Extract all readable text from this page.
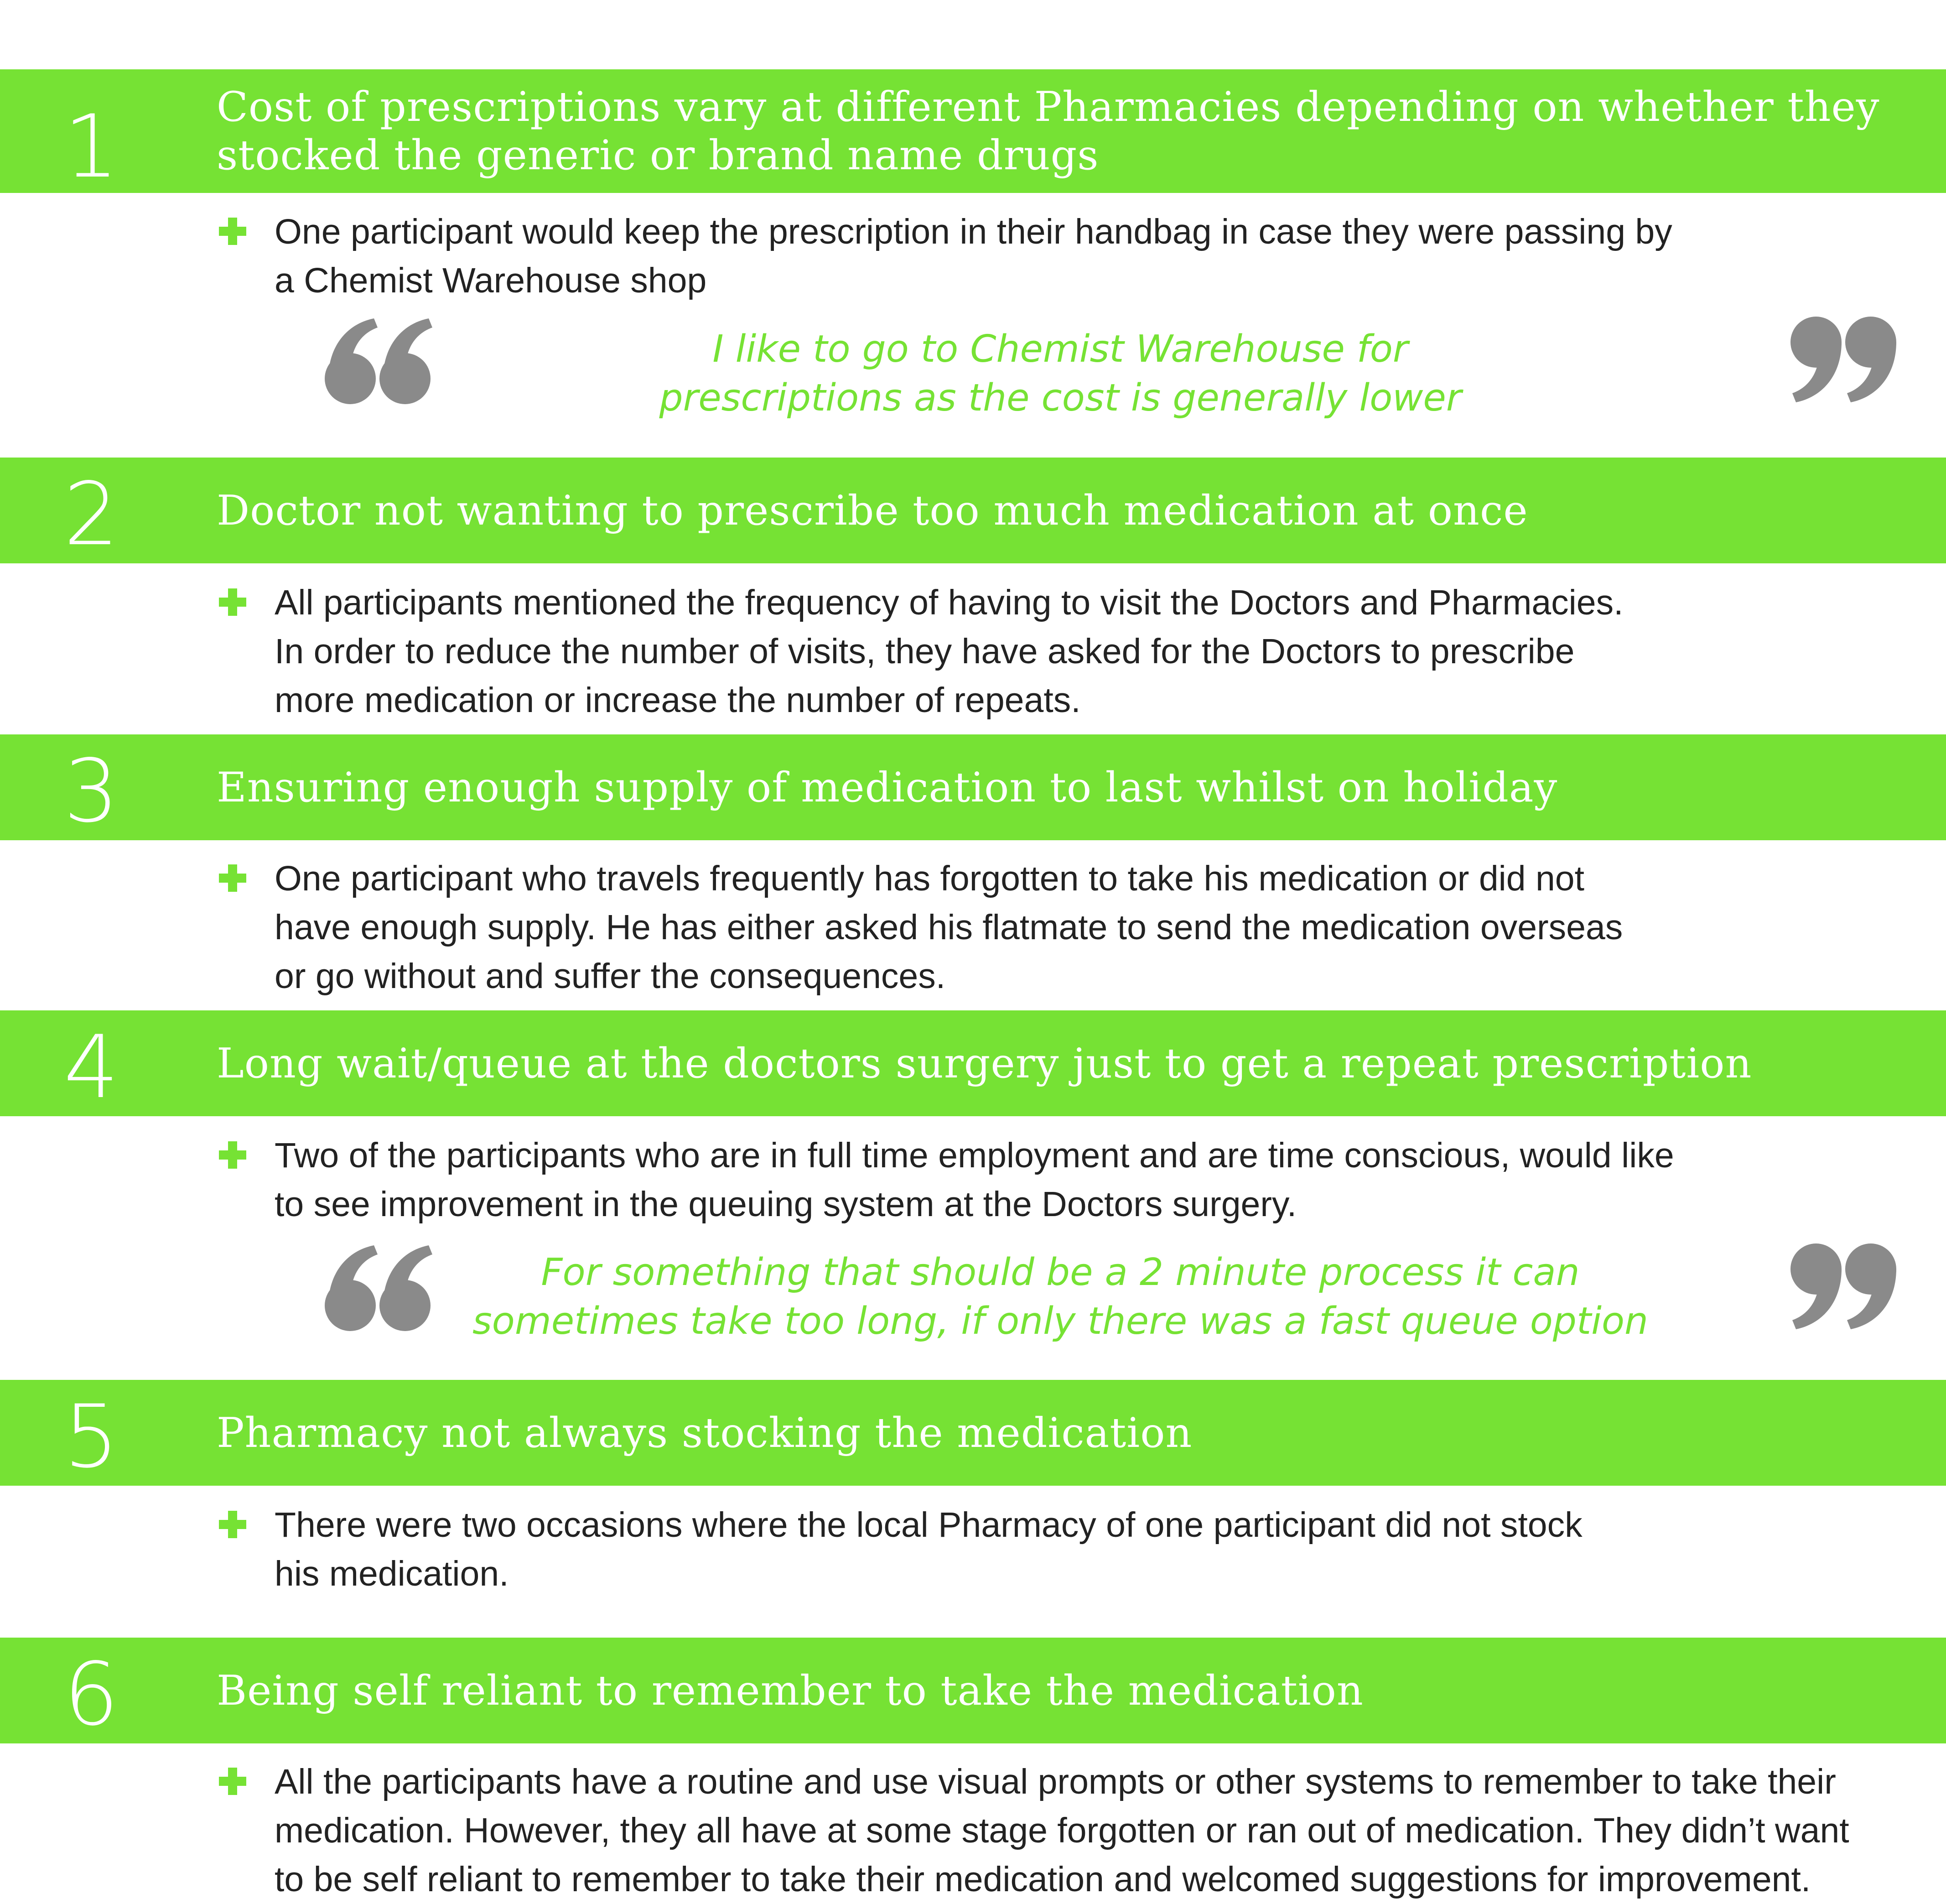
1	Cost of prescriptions vary at different Pharmacies depending on whether they stocked the generic or brand name drugs
One participant would keep the prescription in their handbag in case they were passing by
a Chemist Warehouse shop
I like to go to Chemist Warehouse for
prescriptions as the cost is generally lower
2	Doctor not wanting to prescribe too much medication at once
All participants mentioned the frequency of having to visit the Doctors and Pharmacies.
In order to reduce the number of visits, they have asked for the Doctors to prescribe
more medication or increase the number of repeats.
3	Ensuring enough supply of medication to last whilst on holiday
One participant who travels frequently has forgotten to take his medication or did not
have enough supply. He has either asked his flatmate to send the medication overseas
or go without and suffer the consequences.
4	Long wait/queue at the doctors surgery just to get a repeat prescription
Two of the participants who are in full time employment and are time conscious, would like
to see improvement in the queuing system at the Doctors surgery.
For something that should be a 2 minute process it can
sometimes take too long, if only there was a fast queue option
5	Pharmacy not always stocking the medication
There were two occasions where the local Pharmacy of one participant did not stock
his medication.
6	Being self reliant to remember to take the medication
All the participants have a routine and use visual prompts or other systems to remember to take their
medication. However, they all have at some stage forgotten or ran out of medication. They didn’t want
to be self reliant to remember to take their medication and welcomed suggestions for improvement.
